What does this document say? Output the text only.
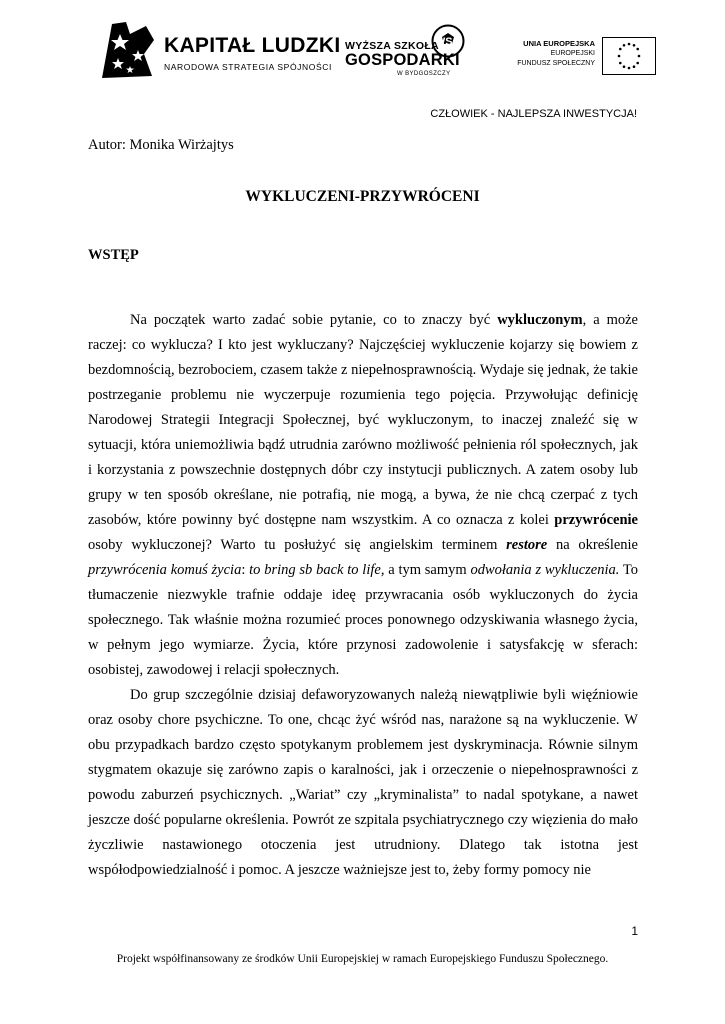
KAPITAŁ LUDZKI
NARODOWA STRATEGIA SPÓJNOŚCI
WSG
WYŻSZA SZKOŁA
GOSPODARKI
W BYDGOSZCZY
UNIA EUROPEJSKA
EUROPEJSKI
FUNDUSZ SPOŁECZNY
CZŁOWIEK - NAJLEPSZA INWESTYCJA!
Autor: Monika Wirżajtys
WYKLUCZENI-PRZYWRÓCENI
WSTĘP

Na początek warto zadać sobie pytanie, co to znaczy być wykluczonym, a może raczej: co wyklucza? I kto jest wykluczany? Najczęściej wykluczenie kojarzy się bowiem z bezdomnością, bezrobociem, czasem także z niepełnosprawnością. Wydaje się jednak, że takie postrzeganie problemu nie wyczerpuje rozumienia tego pojęcia. Przywołując definicję Narodowej Strategii Integracji Społecznej, być wykluczonym, to inaczej znaleźć się w sytuacji, która uniemożliwia bądź utrudnia zarówno możliwość pełnienia ról społecznych, jak i korzystania z powszechnie dostępnych dóbr czy instytucji publicznych. A zatem osoby lub grupy w ten sposób określane, nie potrafią, nie mogą, a bywa, że nie chcą czerpać z tych zasobów, które powinny być dostępne nam wszystkim. A co oznacza z kolei przywrócenie osoby wykluczonej? Warto tu posłużyć się angielskim terminem restore na określenie przywrócenia komuś życia: to bring sb back to life, a tym samym odwołania z wykluczenia. To tłumaczenie niezwykle trafnie oddaje ideę przywracania osób wykluczonych do życia społecznego. Tak właśnie można rozumieć proces ponownego odzyskiwania własnego życia, w pełnym jego wymiarze. Życia, które przynosi zadowolenie i satysfakcję w sferach: osobistej, zawodowej i relacji społecznych.

Do grup szczególnie dzisiaj defaworyzowanych należą niewątpliwie byli więźniowie oraz osoby chore psychiczne. To one, chcąc żyć wśród nas, narażone są na wykluczenie. W obu przypadkach bardzo często spotykanym problemem jest dyskryminacja. Równie silnym stygmatem okazuje się zarówno zapis o karalności, jak i orzeczenie o niepełnosprawności z powodu zaburzeń psychicznych. „Wariat” czy „kryminalista” to nadal spotykane, a nawet jeszcze dość popularne określenia. Powrót ze szpitala psychiatrycznego czy więzienia do mało życzliwie nastawionego otoczenia jest utrudniony. Dlatego tak istotna jest współodpowiedzialność i pomoc. A jeszcze ważniejsze jest to, żeby formy pomocy nie

1
Projekt współfinansowany ze środków Unii Europejskiej w ramach Europejskiego Funduszu Społecznego.
